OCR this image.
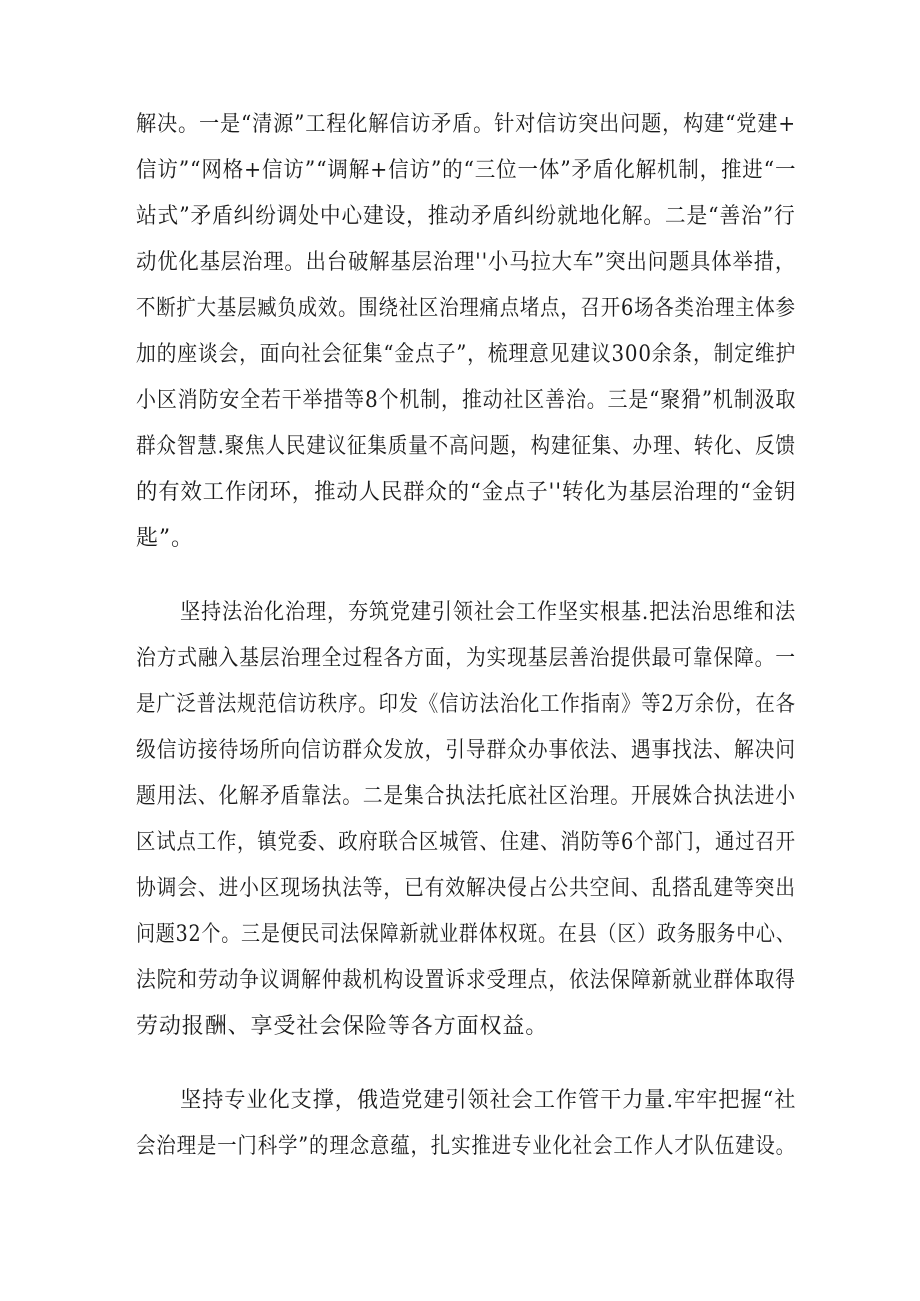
解决。一是“清源”工程化解信访矛盾。针对信访突出问题，构建“党建+
信访”“网格+信访”“调解+信访”的“三位一体”矛盾化解机制，推进“一
站式”矛盾纠纷调处中心建设，推动矛盾纠纷就地化解。二是“善治”行
动优化基层治理。出台破解基层治理''小马拉大车”突出问题具体举措，
不断扩大基层臧负成效。围绕社区治理痛点堵点，召开6场各类治理主体参
加的座谈会，面向社会征集“金点子”，梳理意见建议300余条，制定维护
小区消防安全若干举措等8个机制，推动社区善治。三是“聚猾”机制汲取
群众智慧.聚焦人民建议征集质量不高问题，构建征集、办理、转化、反馈
的有效工作闭环，推动人民群众的“金点子''转化为基层治理的“金钥
匙”。
坚持法治化治理，夯筑党建引领社会工作坚实根基.把法治思维和法
治方式融入基层治理全过程各方面，为实现基层善治提供最可靠保障。一
是广泛普法规范信访秩序。印发《信访法治化工作指南》等2万余份，在各
级信访接待场所向信访群众发放，引导群众办事依法、遇事找法、解决问
题用法、化解矛盾靠法。二是集合执法托底社区治理。开展姝合执法进小
区试点工作，镇党委、政府联合区城管、住建、消防等6个部门，通过召开
协调会、进小区现场执法等，已有效解决侵占公共空间、乱搭乱建等突出
问题32个。三是便民司法保障新就业群体权斑。在县（区）政务服务中心、
法院和劳动争议调解仲裁机构设置诉求受理点，依法保障新就业群体取得
劳动报酬、享受社会保险等各方面权益。
坚持专业化支撑，俄造党建引领社会工作管干力量.牢牢把握“社
会治理是一门科学”的理念意蕴，扎实推进专业化社会工作人才队伍建设。
